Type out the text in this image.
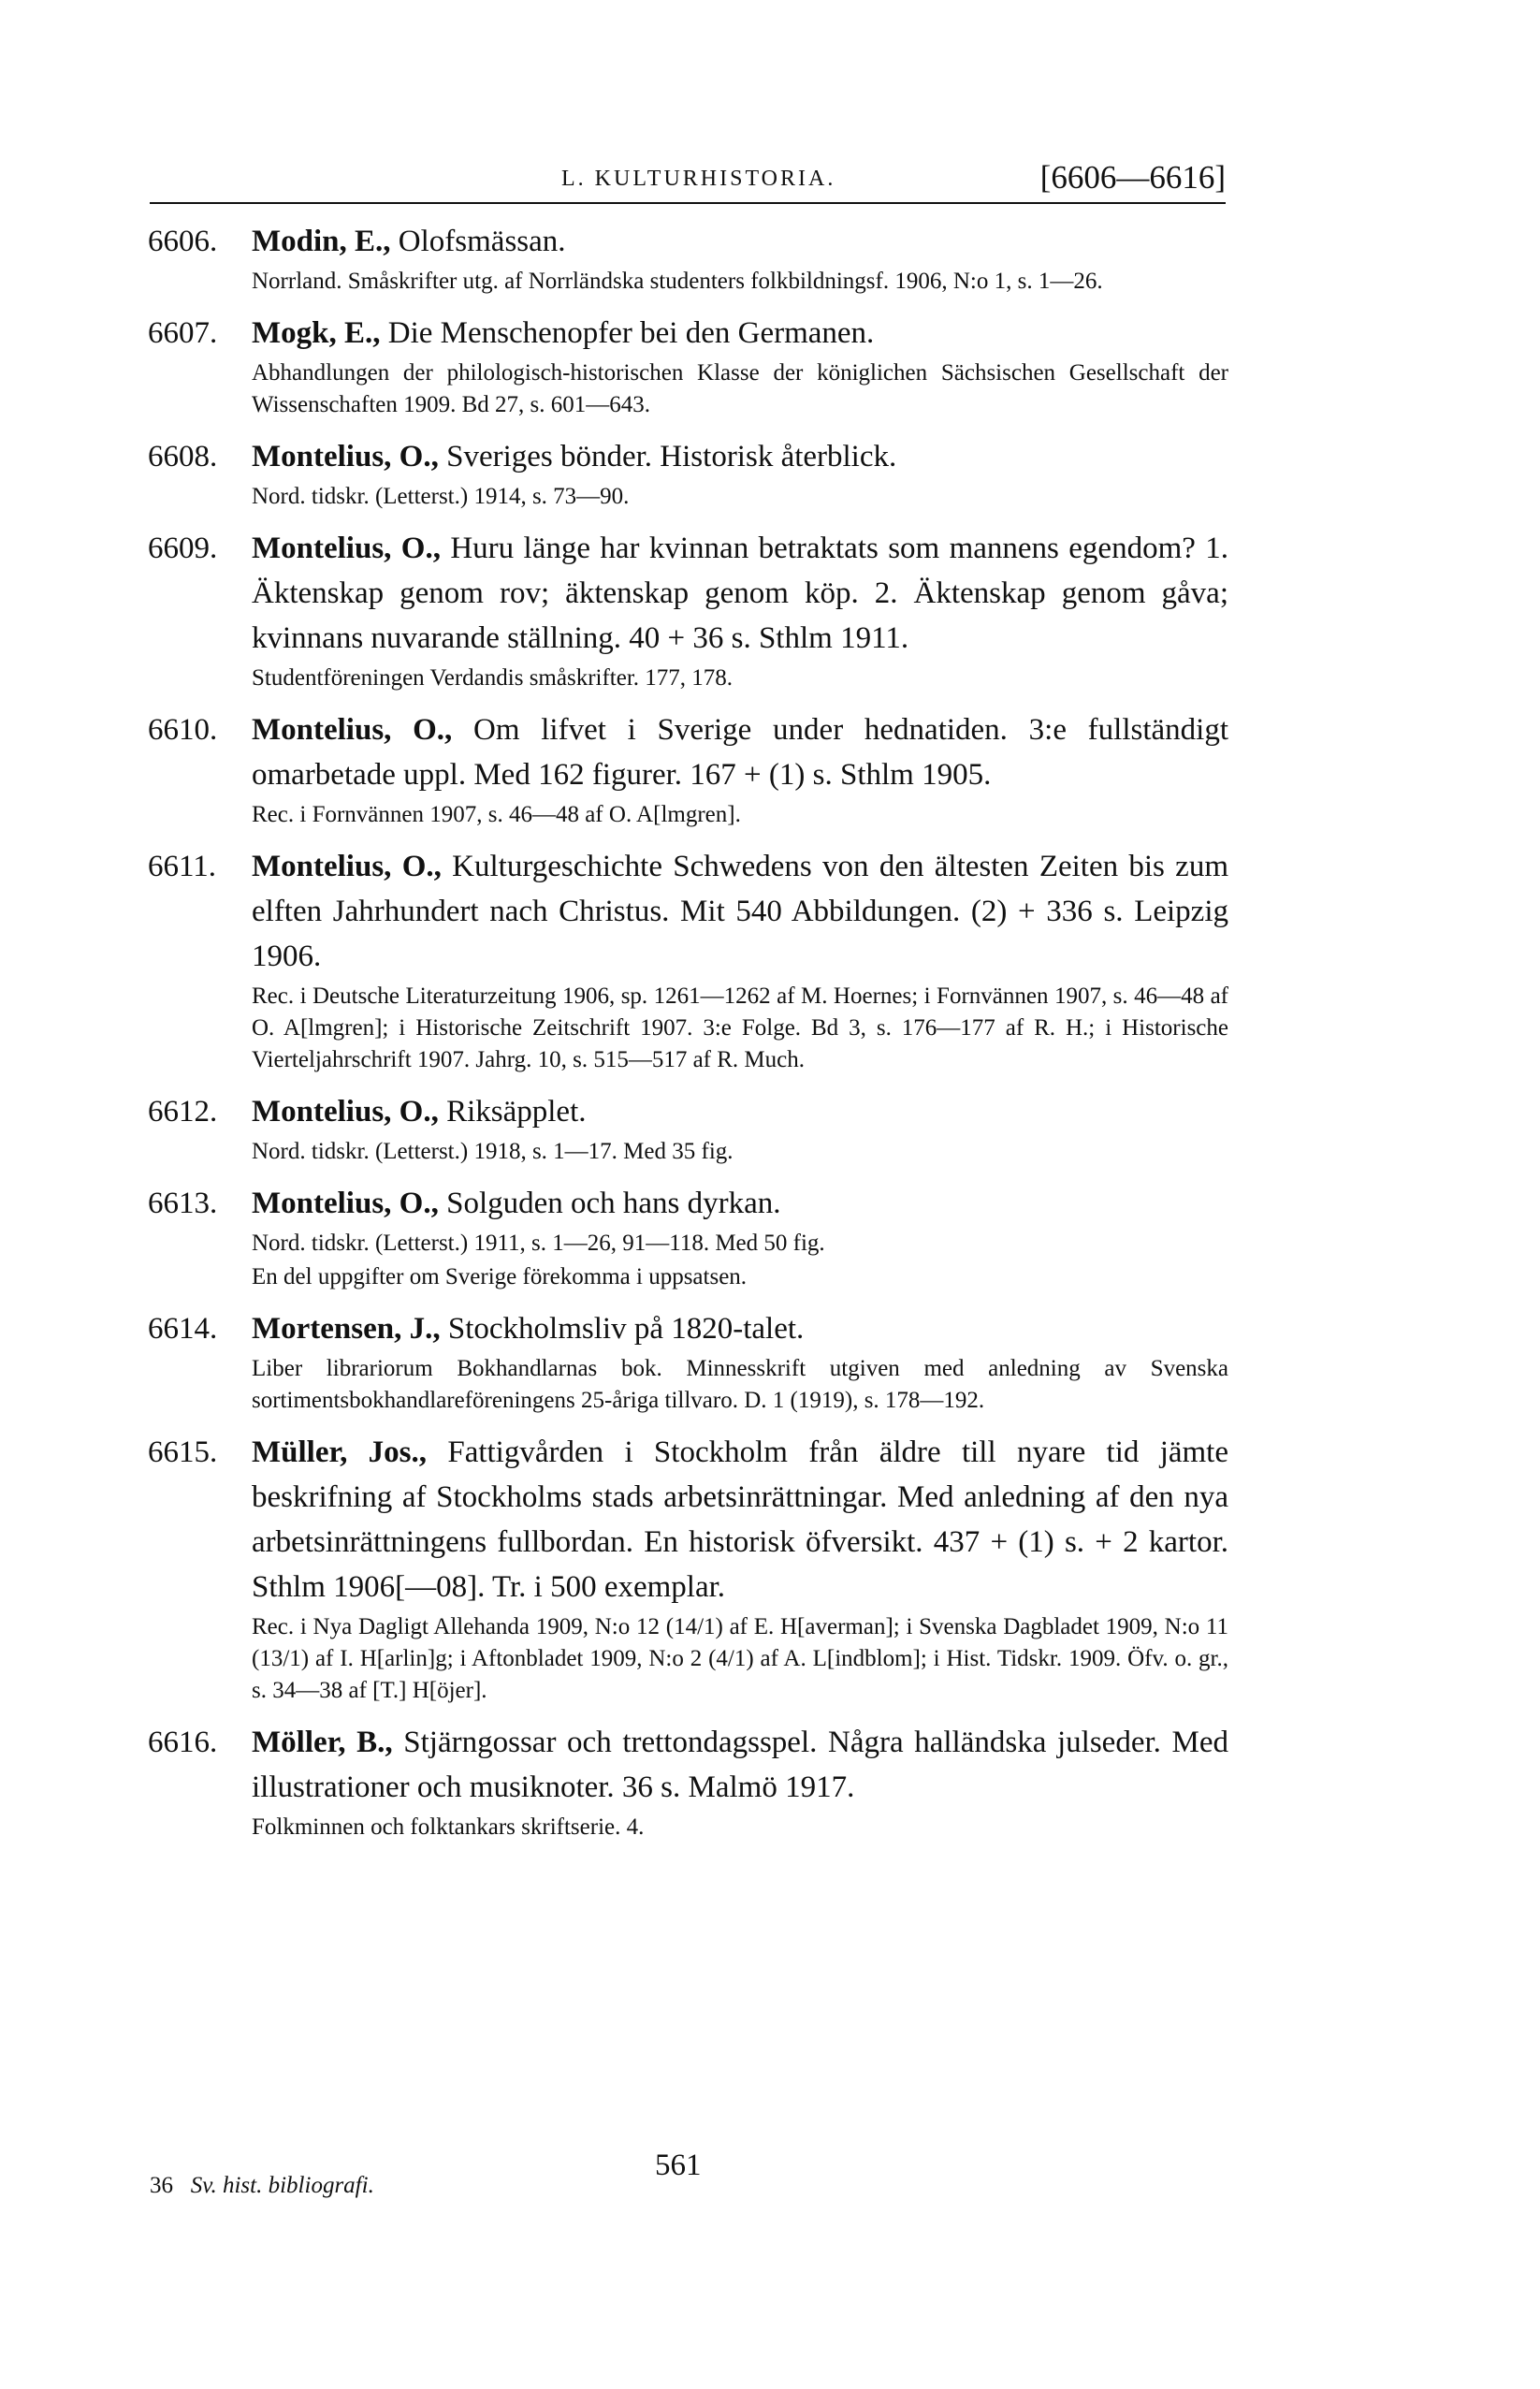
L. KULTURHISTORIA.	[6606—6616]
6606. Modin, E., Olofsmässan.
Norrland. Småskrifter utg. af Norrländska studenters folkbildningsf. 1906, N:o 1, s. 1—26.
6607. Mogk, E., Die Menschenopfer bei den Germanen.
Abhandlungen der philologisch-historischen Klasse der königlichen Sächsischen Gesellschaft der Wissenschaften 1909. Bd 27, s. 601—643.
6608. Montelius, O., Sveriges bönder. Historisk återblick.
Nord. tidskr. (Letterst.) 1914, s. 73—90.
6609. Montelius, O., Huru länge har kvinnan betraktats som mannens egendom? 1. Äktenskap genom rov; äktenskap genom köp. 2. Äktenskap genom gåva; kvinnans nuvarande ställning. 40 + 36 s. Sthlm 1911.
Studentföreningen Verdandis småskrifter. 177, 178.
6610. Montelius, O., Om lifvet i Sverige under hednatiden. 3:e fullständigt omarbetade uppl. Med 162 figurer. 167 + (1) s. Sthlm 1905.
Rec. i Fornvännen 1907, s. 46—48 af O. A[lmgren].
6611. Montelius, O., Kulturgeschichte Schwedens von den ältesten Zeiten bis zum elften Jahrhundert nach Christus. Mit 540 Abbildungen. (2) + 336 s. Leipzig 1906.
Rec. i Deutsche Literaturzeitung 1906, sp. 1261—1262 af M. Hoernes; i Fornvännen 1907, s. 46—48 af O. A[lmgren]; i Historische Zeitschrift 1907. 3:e Folge. Bd 3, s. 176—177 af R. H.; i Historische Vierteljahrschrift 1907. Jahrg. 10, s. 515—517 af R. Much.
6612. Montelius, O., Riksäpplet.
Nord. tidskr. (Letterst.) 1918, s. 1—17. Med 35 fig.
6613. Montelius, O., Solguden och hans dyrkan.
Nord. tidskr. (Letterst.) 1911, s. 1—26, 91—118. Med 50 fig.
En del uppgifter om Sverige förekomma i uppsatsen.
6614. Mortensen, J., Stockholmsliv på 1820-talet.
Liber librariorum Bokhandlarnas bok. Minnesskrift utgiven med anledning av Svenska sortimentsbokhandlareföreningens 25-åriga tillvaro. D. 1 (1919), s. 178—192.
6615. Müller, Jos., Fattigvården i Stockholm från äldre till nyare tid jämte beskrifning af Stockholms stads arbetsinrättningar. Med anledning af den nya arbetsinrättningens fullbordan. En historisk öfversikt. 437 + (1) s. + 2 kartor. Sthlm 1906[—08]. Tr. i 500 exemplar.
Rec. i Nya Dagligt Allehanda 1909, N:o 12 (14/1) af E. H[averman]; i Svenska Dagbladet 1909, N:o 11 (13/1) af I. H[arlin]g; i Aftonbladet 1909, N:o 2 (4/1) af A. L[indblom]; i Hist. Tidskr. 1909. Öfv. o. gr., s. 34—38 af [T.] H[öjer].
6616. Möller, B., Stjärngossar och trettondagsspel. Några halländska julseder. Med illustrationer och musiknoter. 36 s. Malmö 1917.
Folkminnen och folktankars skriftserie. 4.
36 Sv. hist. bibliografi.
561
